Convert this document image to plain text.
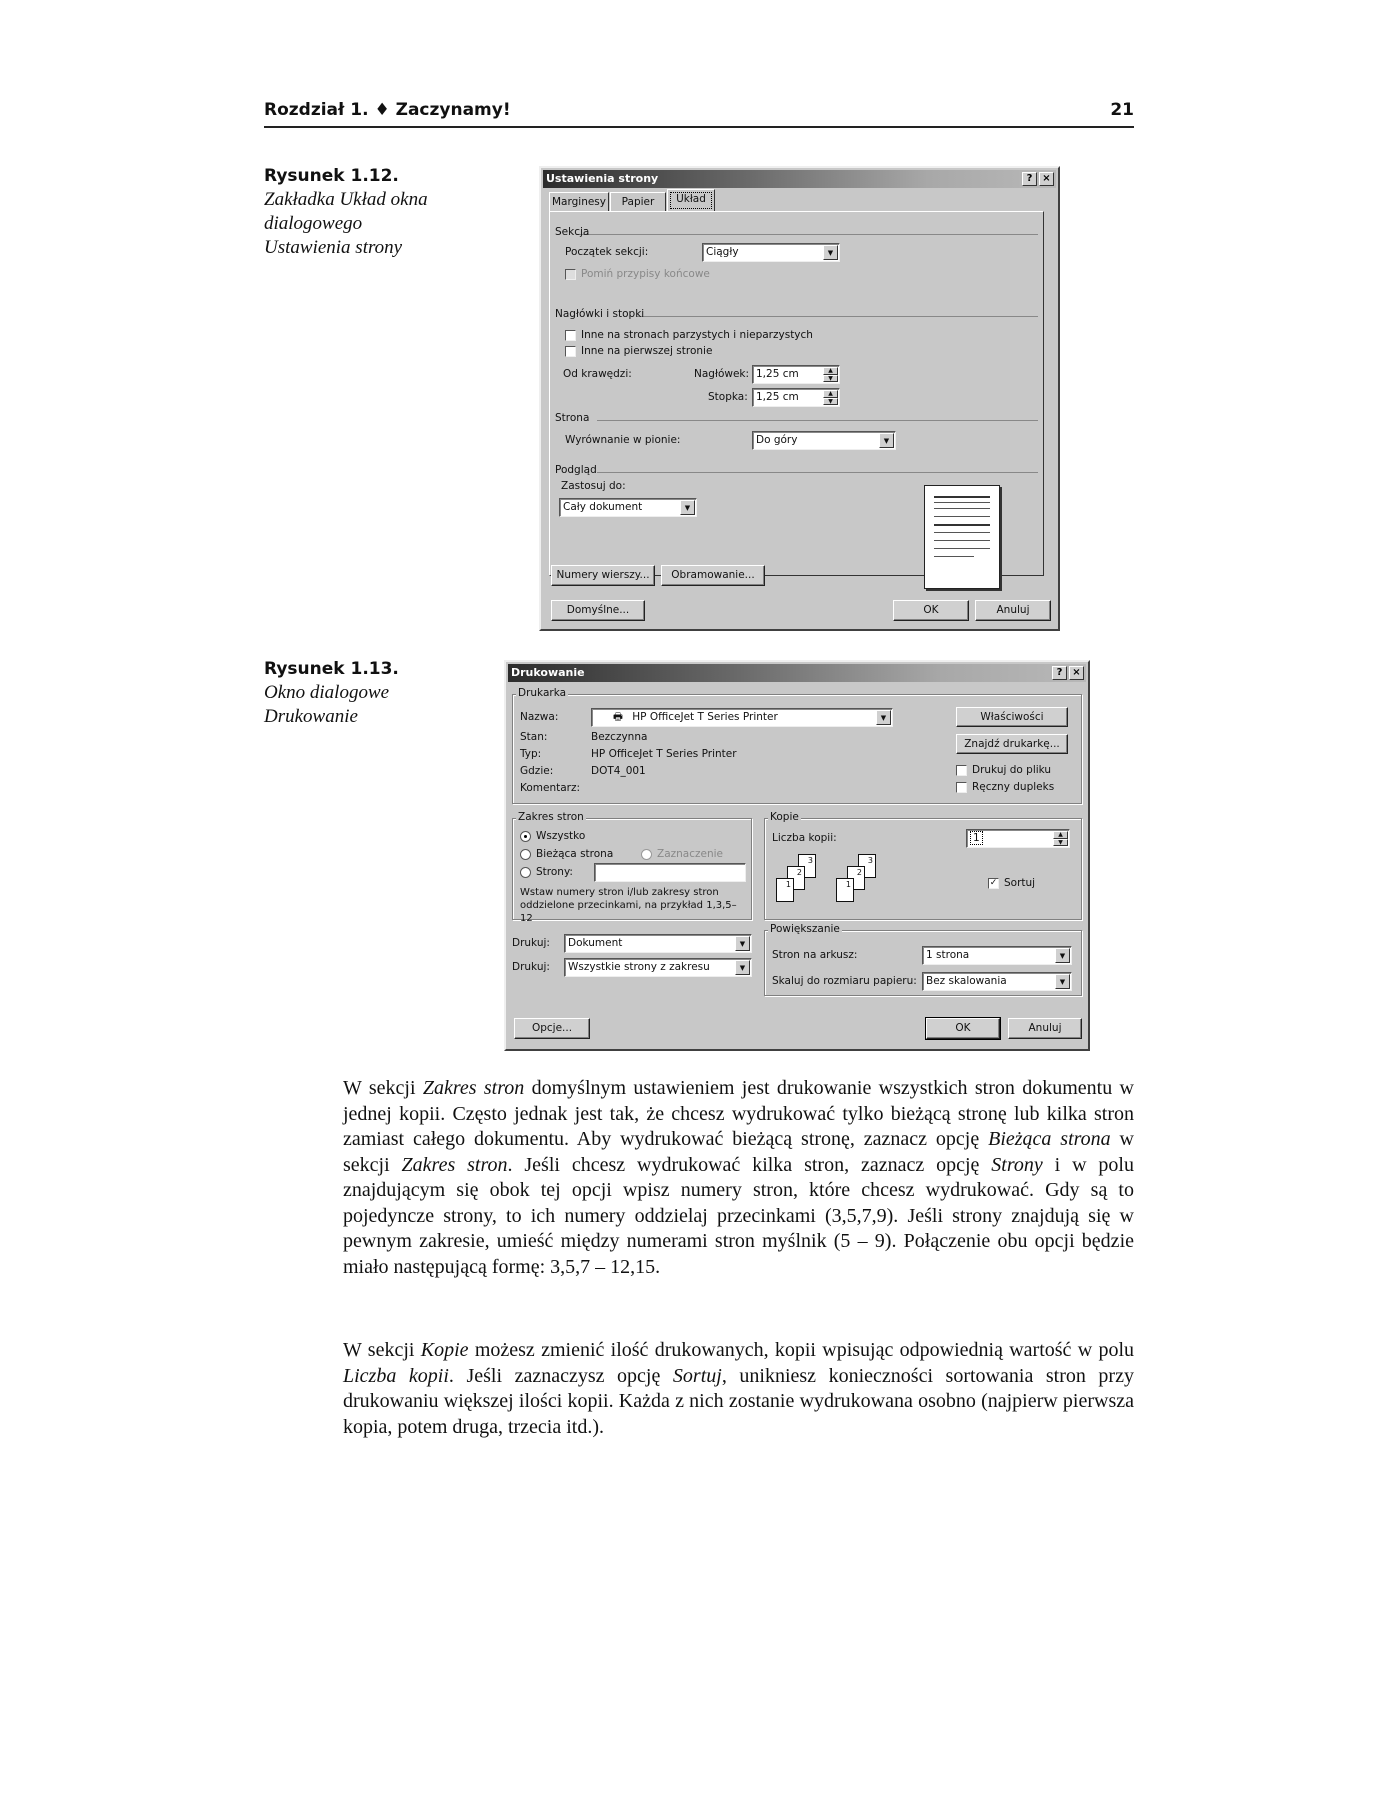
Rozdział 1. ♦ Zaczynamy!	21
Rysunek 1.12.
Zakładka Układ okna dialogowego Ustawienia strony
Ustawienia strony	? ×
Marginesy	Papier	Układ
Sekcja
Początek sekcji:	Ciągły	▼
Pomiń przypisy końcowe
Nagłówki i stopki
Inne na stronach parzystych i nieparzystych
Inne na pierwszej stronie
Od krawędzi:	Nagłówek: 1,25 cm	▲
▼
Stopka: 1,25 cm	▲
▼
Strona
Wyrównanie w pionie:	Do góry	▼
Podgląd
Zastosuj do:
Cały dokument	▼
Numery wierszy...	Obramowanie...
Domyślne...	OK	Anuluj
Rysunek 1.13.
Okno dialogowe Drukowanie
Drukowanie	? ×
Drukarka
Nazwa:	🖶 HP OfficeJet T Series Printer	▼
Stan:	Bezczynna
Typ:	HP OfficeJet T Series Printer
Gdzie:	DOT4_001
Komentarz:
Właściwości
Znajdź drukarkę...
Drukuj do pliku
Ręczny dupleks
Zakres stron
Wszystko
Bieżąca strona	Zaznaczenie
Strony:
Wstaw numery stron i/lub zakresy stron oddzielone przecinkami, na przykład 1,3,5–12
Kopie
Liczba kopii:	1	▲
▼
3
2
1
3
2
1	✓ Sortuj
Drukuj:	Dokument	▼
Drukuj:	Wszystkie strony z zakresu	▼
Powiększanie
Stron na arkusz:	1 strona	▼
Skaluj do rozmiaru papieru: Bez skalowania	▼
Opcje...	OK	Anuluj

W sekcji Zakres stron domyślnym ustawieniem jest drukowanie wszystkich stron dokumentu w jednej kopii. Często jednak jest tak, że chcesz wydrukować tylko bieżącą stronę lub kilka stron zamiast całego dokumentu. Aby wydrukować bieżącą stronę, zaznacz opcję Bieżąca strona w sekcji Zakres stron. Jeśli chcesz wydrukować kilka stron, zaznacz opcję Strony i w polu znajdującym się obok tej opcji wpisz numery stron, które chcesz wydrukować. Gdy są to pojedyncze strony, to ich numery oddzielaj przecinkami (3,5,7,9). Jeśli strony znajdują się w pewnym zakresie, umieść między numerami stron myślnik (5 – 9). Połączenie obu opcji będzie miało następującą formę: 3,5,7 – 12,15.

W sekcji Kopie możesz zmienić ilość drukowanych, kopii wpisując odpowiednią wartość w polu Liczba kopii. Jeśli zaznaczysz opcję Sortuj, unikniesz konieczności sortowania stron przy drukowaniu większej ilości kopii. Każda z nich zostanie wydrukowana osobno (najpierw pierwsza kopia, potem druga, trzecia itd.).
